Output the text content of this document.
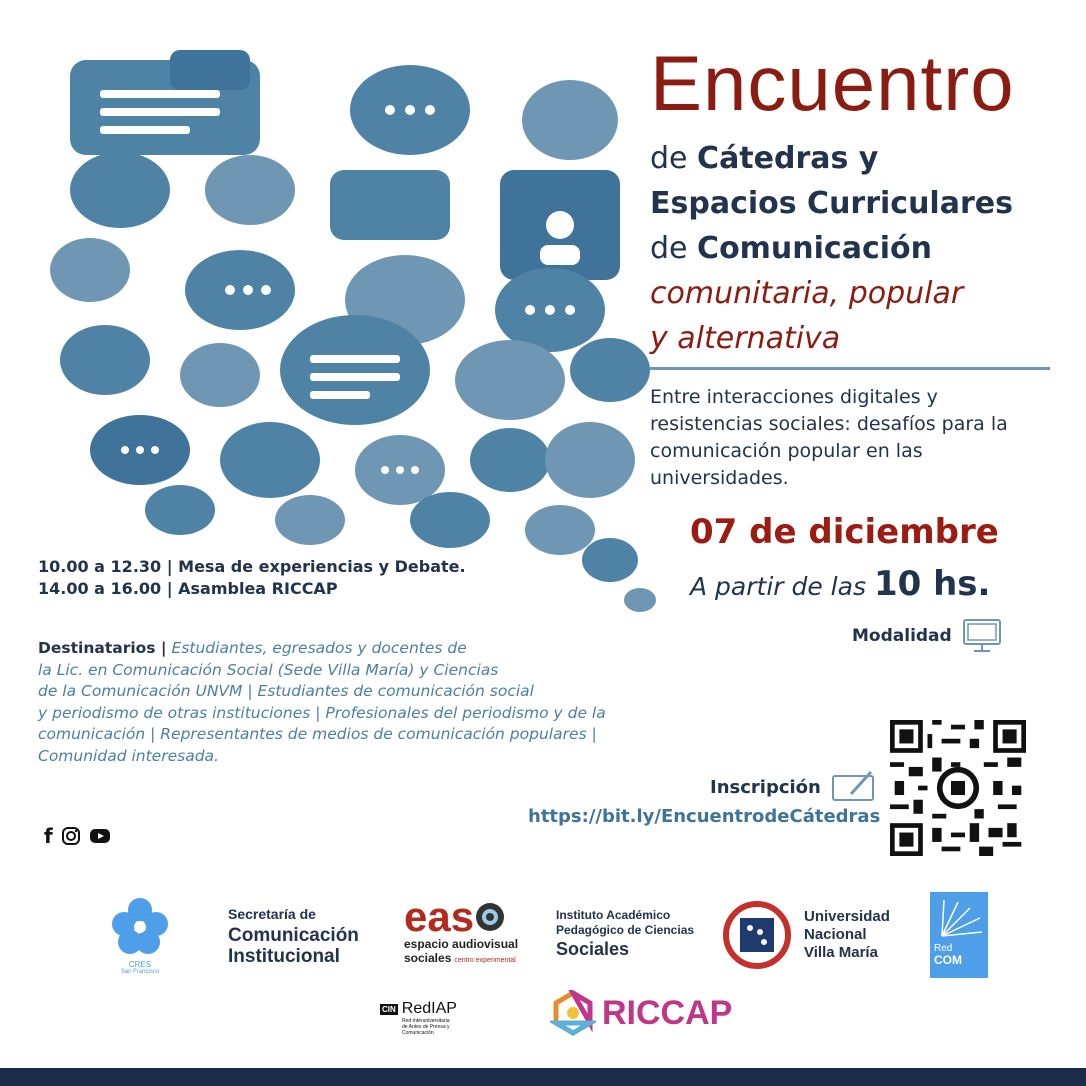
Encuentro
de Cátedras y
Espacios Curriculares
de Comunicación
comunitaria, popular
y alternativa
Entre interacciones digitales y resistencias sociales: desafíos para la comunicación popular en las universidades.
07 de diciembre
A partir de las 10 hs.
Modalidad
10.00 a 12.30 | Mesa de experiencias y Debate.
14.00 a 16.00 | Asamblea RICCAP
Destinatarios | Estudiantes, egresados y docentes de
la Lic. en Comunicación Social (Sede Villa María) y Ciencias
de la Comunicación UNVM | Estudiantes de comunicación social
y periodismo de otras instituciones | Profesionales del periodismo y de la
comunicación | Representantes de medios de comunicación populares |
Comunidad interesada.
Inscripción
https://bit.ly/EncuentrodeCátedras
f
CRES
San Francisco
Secretaría de
Comunicación
Institucional
eas
espacio audiovisual
sociales centro experimental
Instituto Académico
Pedagógico de Ciencias
Sociales
Universidad
Nacional
Villa María	Red
COM
CIN RedIAP
Red Interuniversitaria
de Antes de Prensa y
Comunicación
RICCAP
